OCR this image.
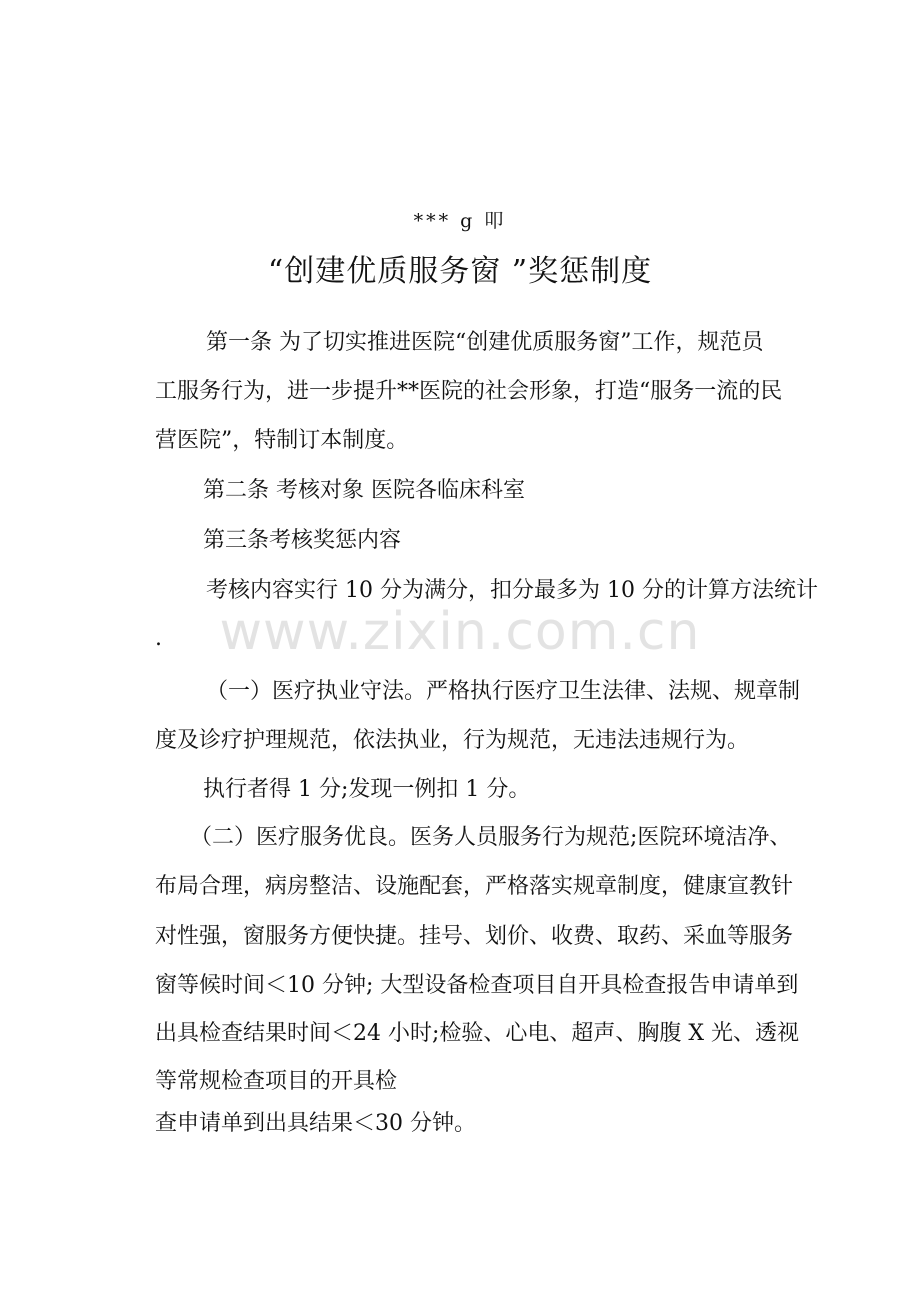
*** g 叩
“创建优质服务窗 ”奖惩制度
www.zixin.com.cn
第一条 为了切实推进医院“创建优质服务窗”工作，规范员
工服务行为，进一步提升**医院的社会形象，打造“服务一流的民
营医院”，特制订本制度。
第二条 考核对象 医院各临床科室
第三条考核奖惩内容
考核内容实行 10 分为满分，扣分最多为 10 分的计算方法统计
.
（一）医疗执业守法。严格执行医疗卫生法律、法规、规章制
度及诊疗护理规范，依法执业，行为规范，无违法违规行为。
执行者得 1 分;发现一例扣 1 分。
（二）医疗服务优良。医务人员服务行为规范;医院环境洁净、
布局合理，病房整洁、设施配套，严格落实规章制度，健康宣教针
对性强，窗服务方便快捷。挂号、划价、收费、取药、采血等服务
窗等候时间＜10 分钟; 大型设备检查项目自开具检查报告申请单到
出具检查结果时间＜24 小时;检验、心电、超声、胸腹 X 光、透视
等常规检查项目的开具检
查申请单到出具结果＜30 分钟。
